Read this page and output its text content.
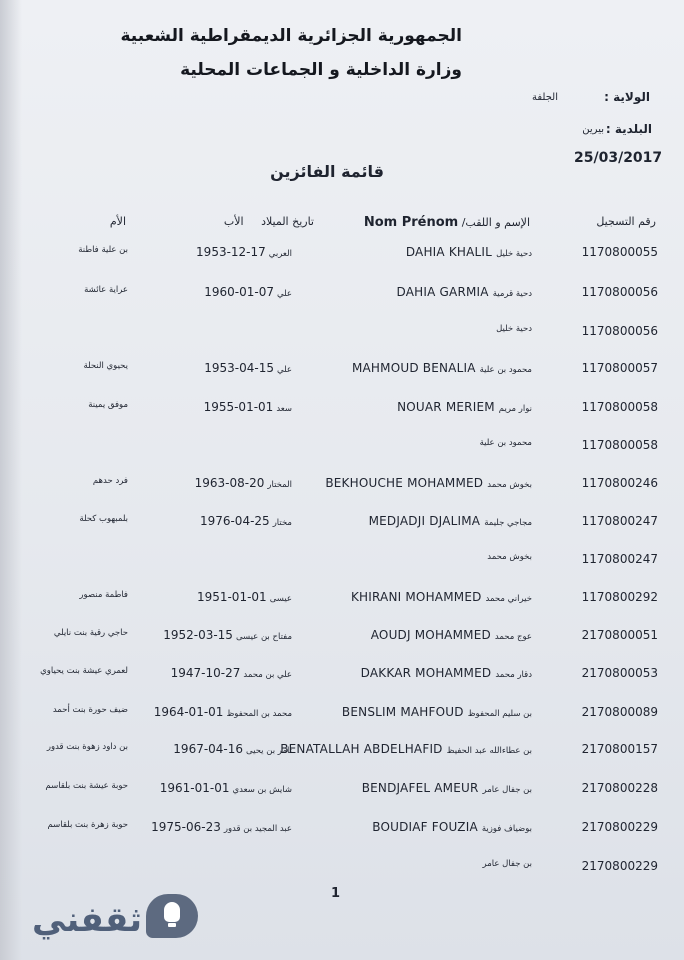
الجمهورية الجزائرية الديمقراطية الشعبية
وزارة الداخلية و الجماعات المحلية
الولاية :
الجلفة
البلدية :
بيرين
25/03/2017
قائمة الفائزين
رقم التسجيل
الإسم و اللقب/ Nom Prénom
تاريخ الميلاد     الأب
الأم
1170800055
DAHIA KHALIL دحية خليل
1953-12-17 العربي
بن علية فاطنة
1170800056
DAHIA GARMIA دحية قرمية
1960-01-07 علي
عراية عائشة
1170800056
دحية خليل
1170800057
MAHMOUD BENALIA محمود بن علية
1953-04-15 علي
يحيوي النحلة
1170800058
NOUAR MERIEM نوار مريم
1955-01-01 سعد
موفق يمينة
1170800058
محمود بن علية
1170800246
BEKHOUCHE MOHAMMED بخوش محمد
1963-08-20 المختار
فرد حدهم
1170800247
MEDJADJI DJALIMA مجاجي جليمة
1976-04-25 مختار
بلمبهوب كحلة
1170800247
بخوش محمد
1170800292
KHIRANI MOHAMMED خيراني محمد
1951-01-01 عيسى
فاطمة منصور
2170800051
AOUDJ MOHAMMED عوج محمد
1952-03-15 مفتاح بن عيسى
حاجي رقية بنت نايلي
2170800053
DAKKAR MOHAMMED دقار محمد
1947-10-27 علي بن محمد
لعمري عيشة بنت يحياوي
2170800089
BENSLIM MAHFOUD بن سليم المحفوظ
1964-01-01 محمد بن المحفوظ
ضيف حورة بنت أحمد
2170800157
BENATALLAH ABDELHAFID بن عطاءالله عبد الحفيظ
1967-04-16 ثامر بن يحيى
بن داود زهوة بنت قدور
2170800228
BENDJAFEL AMEUR بن جفال عامر
1961-01-01 شايش بن سعدي
حوبة عيشة بنت بلقاسم
2170800229
BOUDIAF FOUZIA بوضياف فوزية
1975-06-23 عبد المجيد بن قدور
حوبة زهرة بنت بلقاسم
2170800229
بن جفال عامر
1
ثقفني
